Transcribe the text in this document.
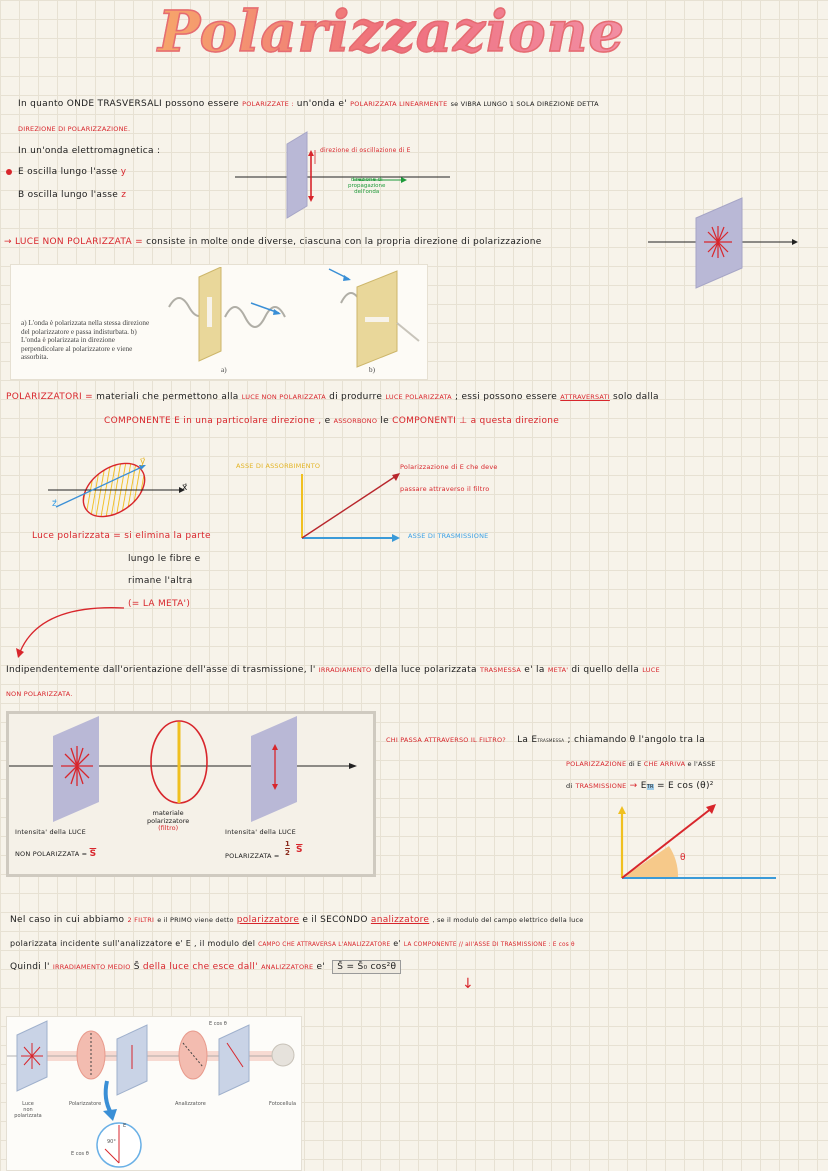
Polarizzazione
In quanto ONDE TRASVERSALI possono essere POLARIZZATE : un'onda e' POLARIZZATA LINEARMENTE se VIBRA LUNGO 1 SOLA DIREZIONE DETTA
DIREZIONE DI POLARIZZAZIONE.
In un'onda elettromagnetica :
E oscilla lungo l'asse y
B oscilla lungo l'asse z
direzione di oscillazione di E
direzione di
propagazione
dell'onda
→ LUCE NON POLARIZZATA = consiste in molte onde diverse, ciascuna con la propria direzione di polarizzazione
a) L'onda è polarizzata nella stessa direzione del polarizzatore e passa indisturbata. b) L'onda è polarizzata in direzione perpendicolare al polarizzatore e viene assorbita.
a)	b)
POLARIZZATORI = materiali che permettono alla LUCE NON POLARIZZATA di produrre LUCE POLARIZZATA ; essi possono essere ATTRAVERSATI solo dalla
COMPONENTE E in una particolare direzione , e ASSORBONO le COMPONENTI ⊥ a questa direzione
x⃗
y⃗
z⃗
Luce polarizzata = si elimina la parte
lungo le fibre e
rimane l'altra
(= LA META')
ASSE DI ASSORBIMENTO	Polarizzazione di E che deve
passare attraverso il filtro
ASSE DI TRASMISSIONE
Indipendentemente dall'orientazione dell'asse di trasmissione, l' IRRADIAMENTO della luce polarizzata TRASMESSA e' la META' di quello della LUCE
NON POLARIZZATA.
materiale
polarizzatore
(filtro)
Intensita' della LUCE
NON POLARIZZATA = $\overline{S}$
Intensita' della LUCE
POLARIZZATA = $\frac{1}{2} \overline{S}$
CHI PASSA ATTRAVERSO IL FILTRO? La ETRASMESSA ; chiamando θ l'angolo tra la
POLARIZZAZIONE di E CHE ARRIVA e l'ASSE
di TRASMISSIONE → ETR = E cos (θ)²
θ
Nel caso in cui abbiamo 2 FILTRI e il PRIMO viene detto polarizzatore e il SECONDO analizzatore , se il modulo del campo elettrico della luce
polarizzata incidente sull'analizzatore e' E , il modulo del CAMPO CHE ATTRAVERSA L'ANALIZZATORE e' LA COMPONENTE // all'ASSE DI TRASMISSIONE : E cos θ
Quindi l' IRRADIAMENTO MEDIO S̄ della luce che esce dall' ANALIZZATORE e' S̄ = S̄₀ cos²θ
↓
Luce
non polarizzata
Polarizzatore	Analizzatore	Fotocellula
E cos θ
E cos θ
90°
E
